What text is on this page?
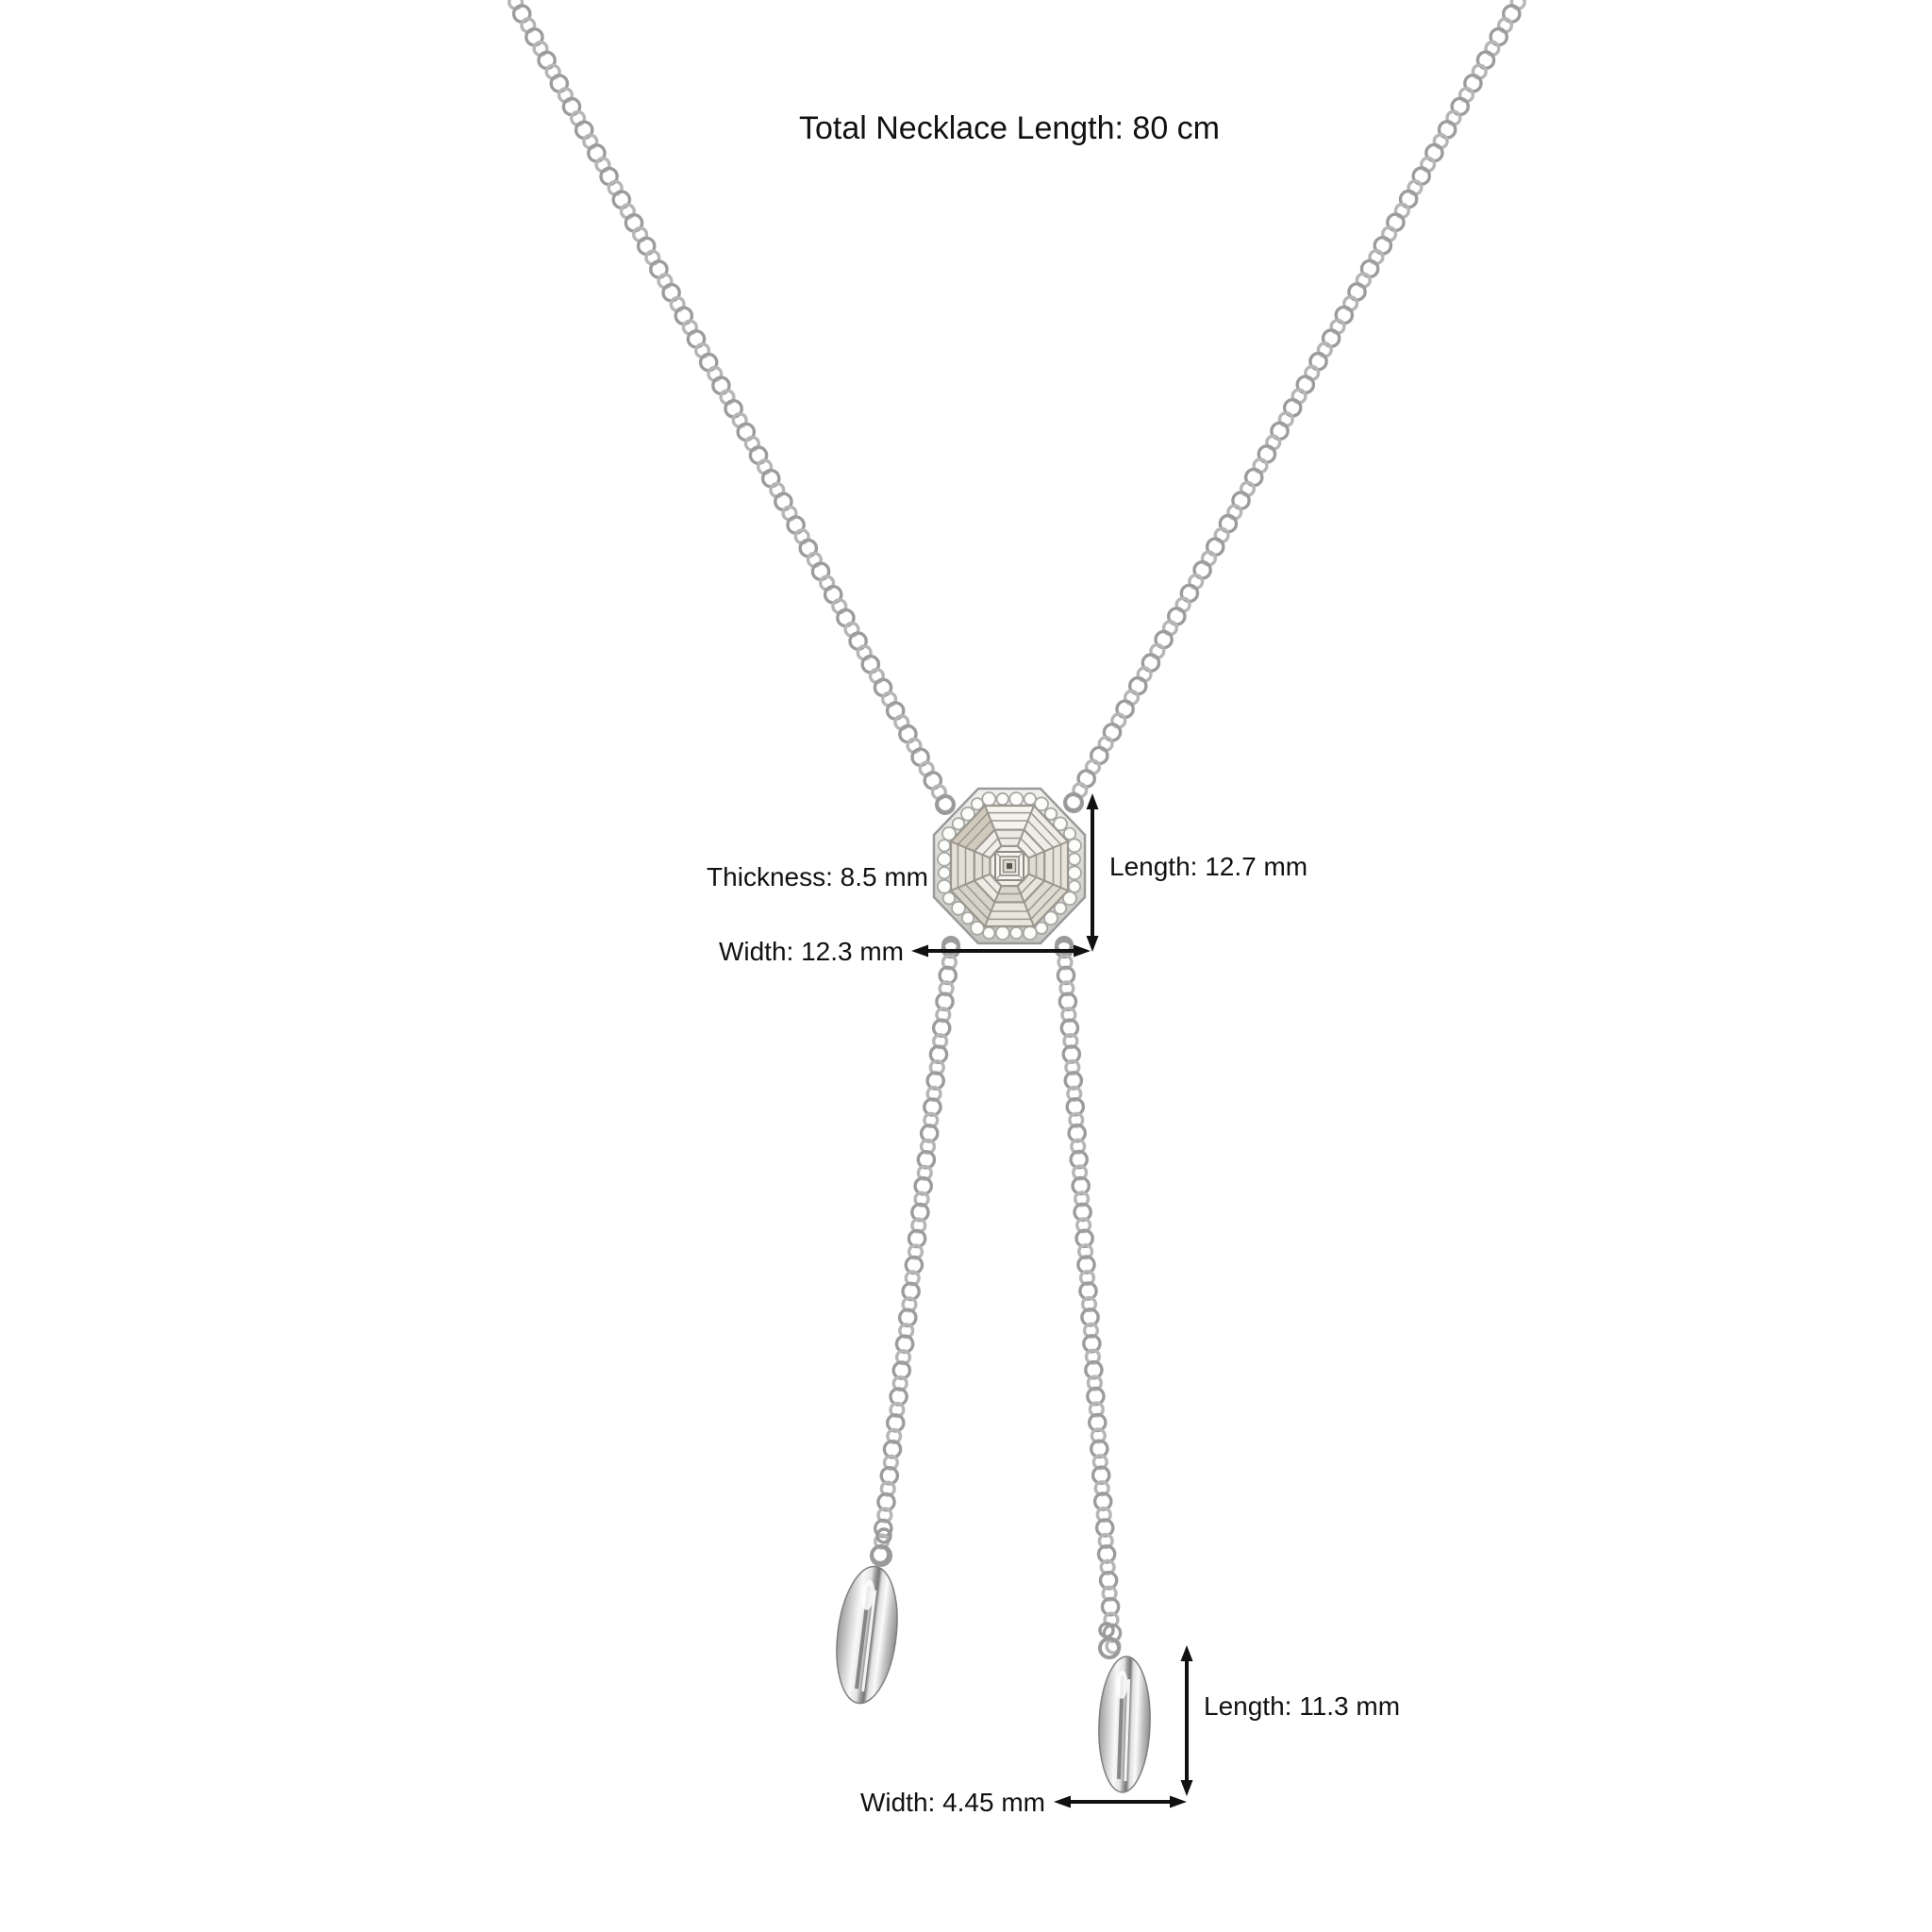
Total Necklace Length: 80 cm
Length: 12.7 mm
Width: 12.3 mm
Thickness: 8.5 mm
Length: 11.3 mm
Width: 4.45 mm
